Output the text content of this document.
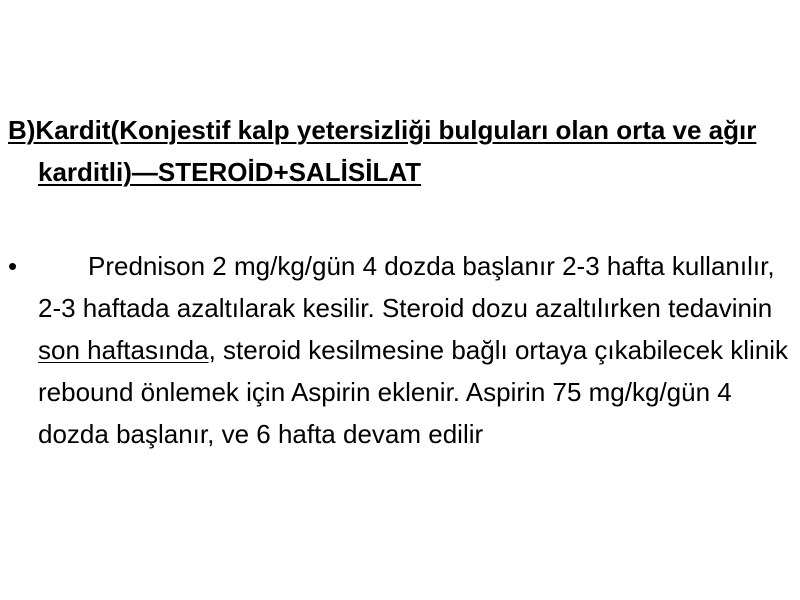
B)Kardit(Konjestif kalp yetersizliği bulguları olan orta ve ağır karditli)—STEROİD+SALİSİLAT
•	Prednison 2 mg/kg/gün 4 dozda başlanır 2-3 hafta kullanılır, 2-3 haftada azaltılarak kesilir. Steroid dozu azaltılırken tedavinin son haftasında, steroid kesilmesine bağlı ortaya çıkabilecek klinik rebound önlemek için Aspirin eklenir. Aspirin 75 mg/kg/gün 4 dozda başlanır, ve 6 hafta devam edilir
